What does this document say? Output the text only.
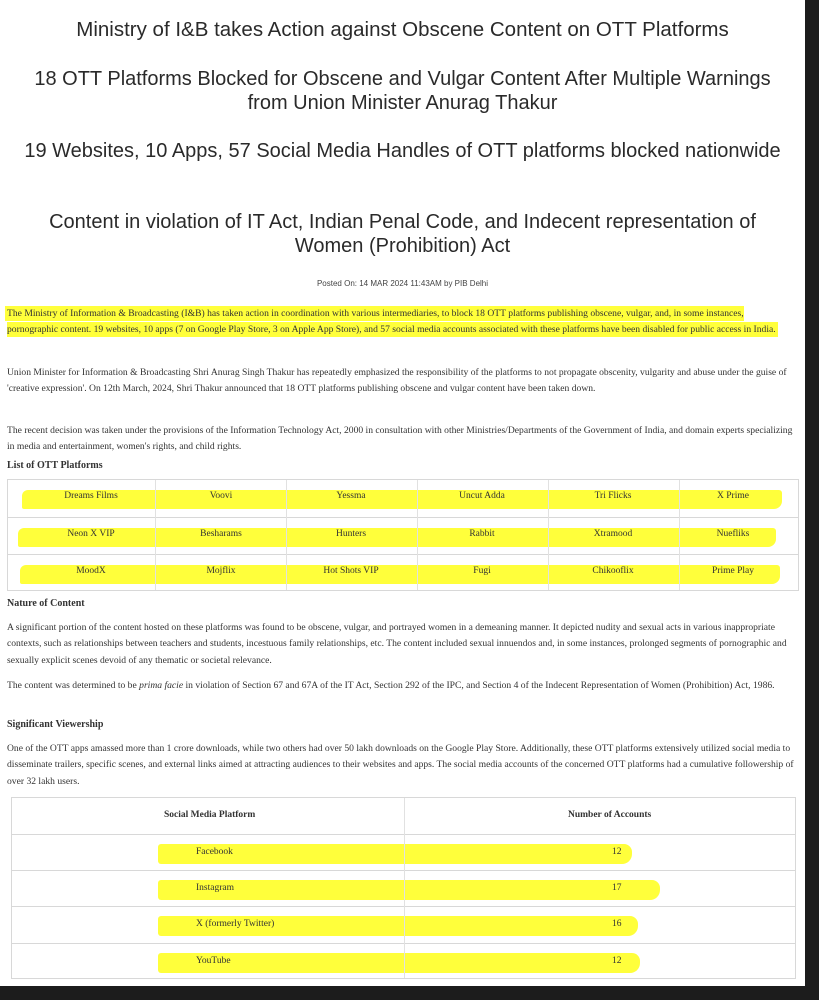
Ministry of I&B takes Action against Obscene Content on OTT Platforms
18 OTT Platforms Blocked for Obscene and Vulgar Content After Multiple Warnings from Union Minister Anurag Thakur
19 Websites, 10 Apps, 57 Social Media Handles of OTT platforms blocked nationwide
Content in violation of IT Act, Indian Penal Code, and Indecent representation of Women (Prohibition) Act
Posted On: 14 MAR 2024 11:43AM by PIB Delhi

The Ministry of Information & Broadcasting (I&B) has taken action in coordination with various intermediaries, to block 18 OTT platforms publishing obscene, vulgar, and, in some instances, pornographic content. 19 websites, 10 apps (7 on Google Play Store, 3 on Apple App Store), and 57 social media accounts associated with these platforms have been disabled for public access in India.

Union Minister for Information & Broadcasting Shri Anurag Singh Thakur has repeatedly emphasized the responsibility of the platforms to not propagate obscenity, vulgarity and abuse under the guise of 'creative expression'. On 12th March, 2024, Shri Thakur announced that 18 OTT platforms publishing obscene and vulgar content have been taken down.

The recent decision was taken under the provisions of the Information Technology Act, 2000 in consultation with other Ministries/Departments of the Government of India, and domain experts specializing in media and entertainment, women's rights, and child rights.

List of OTT Platforms
Dreams Films	Voovi	Yessma	Uncut Adda	Tri Flicks	X Prime
Neon X VIP	Besharams	Hunters	Rabbit	Xtramood	Nuefliks
MoodX	Mojflix	Hot Shots VIP	Fugi	Chikooflix	Prime Play
Nature of Content

A significant portion of the content hosted on these platforms was found to be obscene, vulgar, and portrayed women in a demeaning manner. It depicted nudity and sexual acts in various inappropriate contexts, such as relationships between teachers and students, incestuous family relationships, etc. The content included sexual innuendos and, in some instances, prolonged segments of pornographic and sexually explicit scenes devoid of any thematic or societal relevance.

The content was determined to be prima facie in violation of Section 67 and 67A of the IT Act, Section 292 of the IPC, and Section 4 of the Indecent Representation of Women (Prohibition) Act, 1986.

Significant Viewership

One of the OTT apps amassed more than 1 crore downloads, while two others had over 50 lakh downloads on the Google Play Store. Additionally, these OTT platforms extensively utilized social media to disseminate trailers, specific scenes, and external links aimed at attracting audiences to their websites and apps. The social media accounts of the concerned OTT platforms had a cumulative followership of over 32 lakh users.

Social Media Platform	Number of Accounts
Facebook	12
Instagram	17
X (formerly Twitter)	16
YouTube	12
